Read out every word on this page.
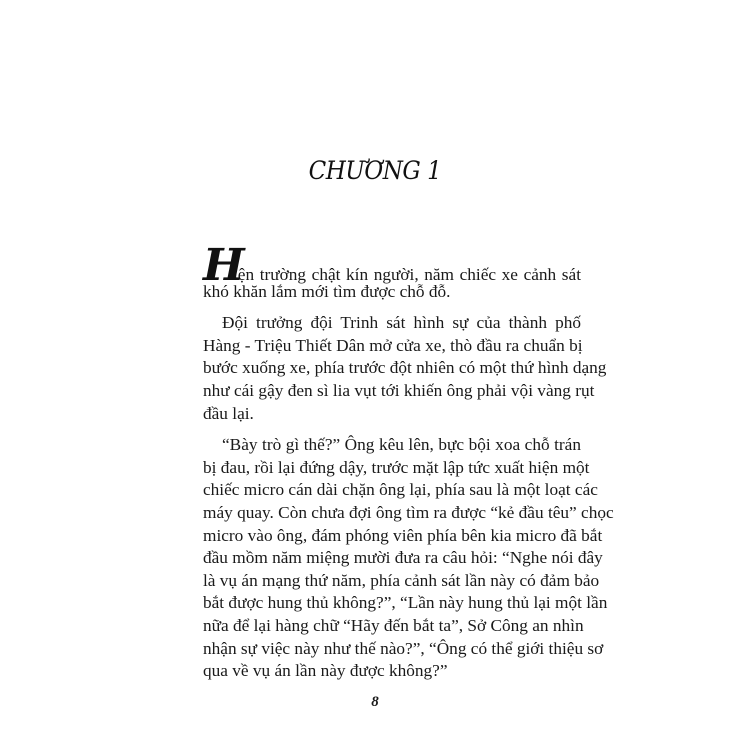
CHƯƠNG 1
H
iện trường chật kín người, năm chiếc xe cảnh sát
khó khăn lắm mới tìm được chỗ đỗ.
Đội trưởng đội Trinh sát hình sự của thành phố
Hàng - Triệu Thiết Dân mở cửa xe, thò đầu ra chuẩn bị
bước xuống xe, phía trước đột nhiên có một thứ hình dạng
như cái gậy đen sì lia vụt tới khiến ông phải vội vàng rụt
đầu lại.
“Bày trò gì thế?” Ông kêu lên, bực bội xoa chỗ trán
bị đau, rồi lại đứng dậy, trước mặt lập tức xuất hiện một
chiếc micro cán dài chặn ông lại, phía sau là một loạt các
máy quay. Còn chưa đợi ông tìm ra được “kẻ đầu têu” chọc
micro vào ông, đám phóng viên phía bên kia micro đã bắt
đầu mồm năm miệng mười đưa ra câu hỏi: “Nghe nói đây
là vụ án mạng thứ năm, phía cảnh sát lần này có đảm bảo
bắt được hung thủ không?”, “Lần này hung thủ lại một lần
nữa để lại hàng chữ “Hãy đến bắt ta”, Sở Công an nhìn
nhận sự việc này như thế nào?”, “Ông có thể giới thiệu sơ
qua về vụ án lần này được không?”
8
